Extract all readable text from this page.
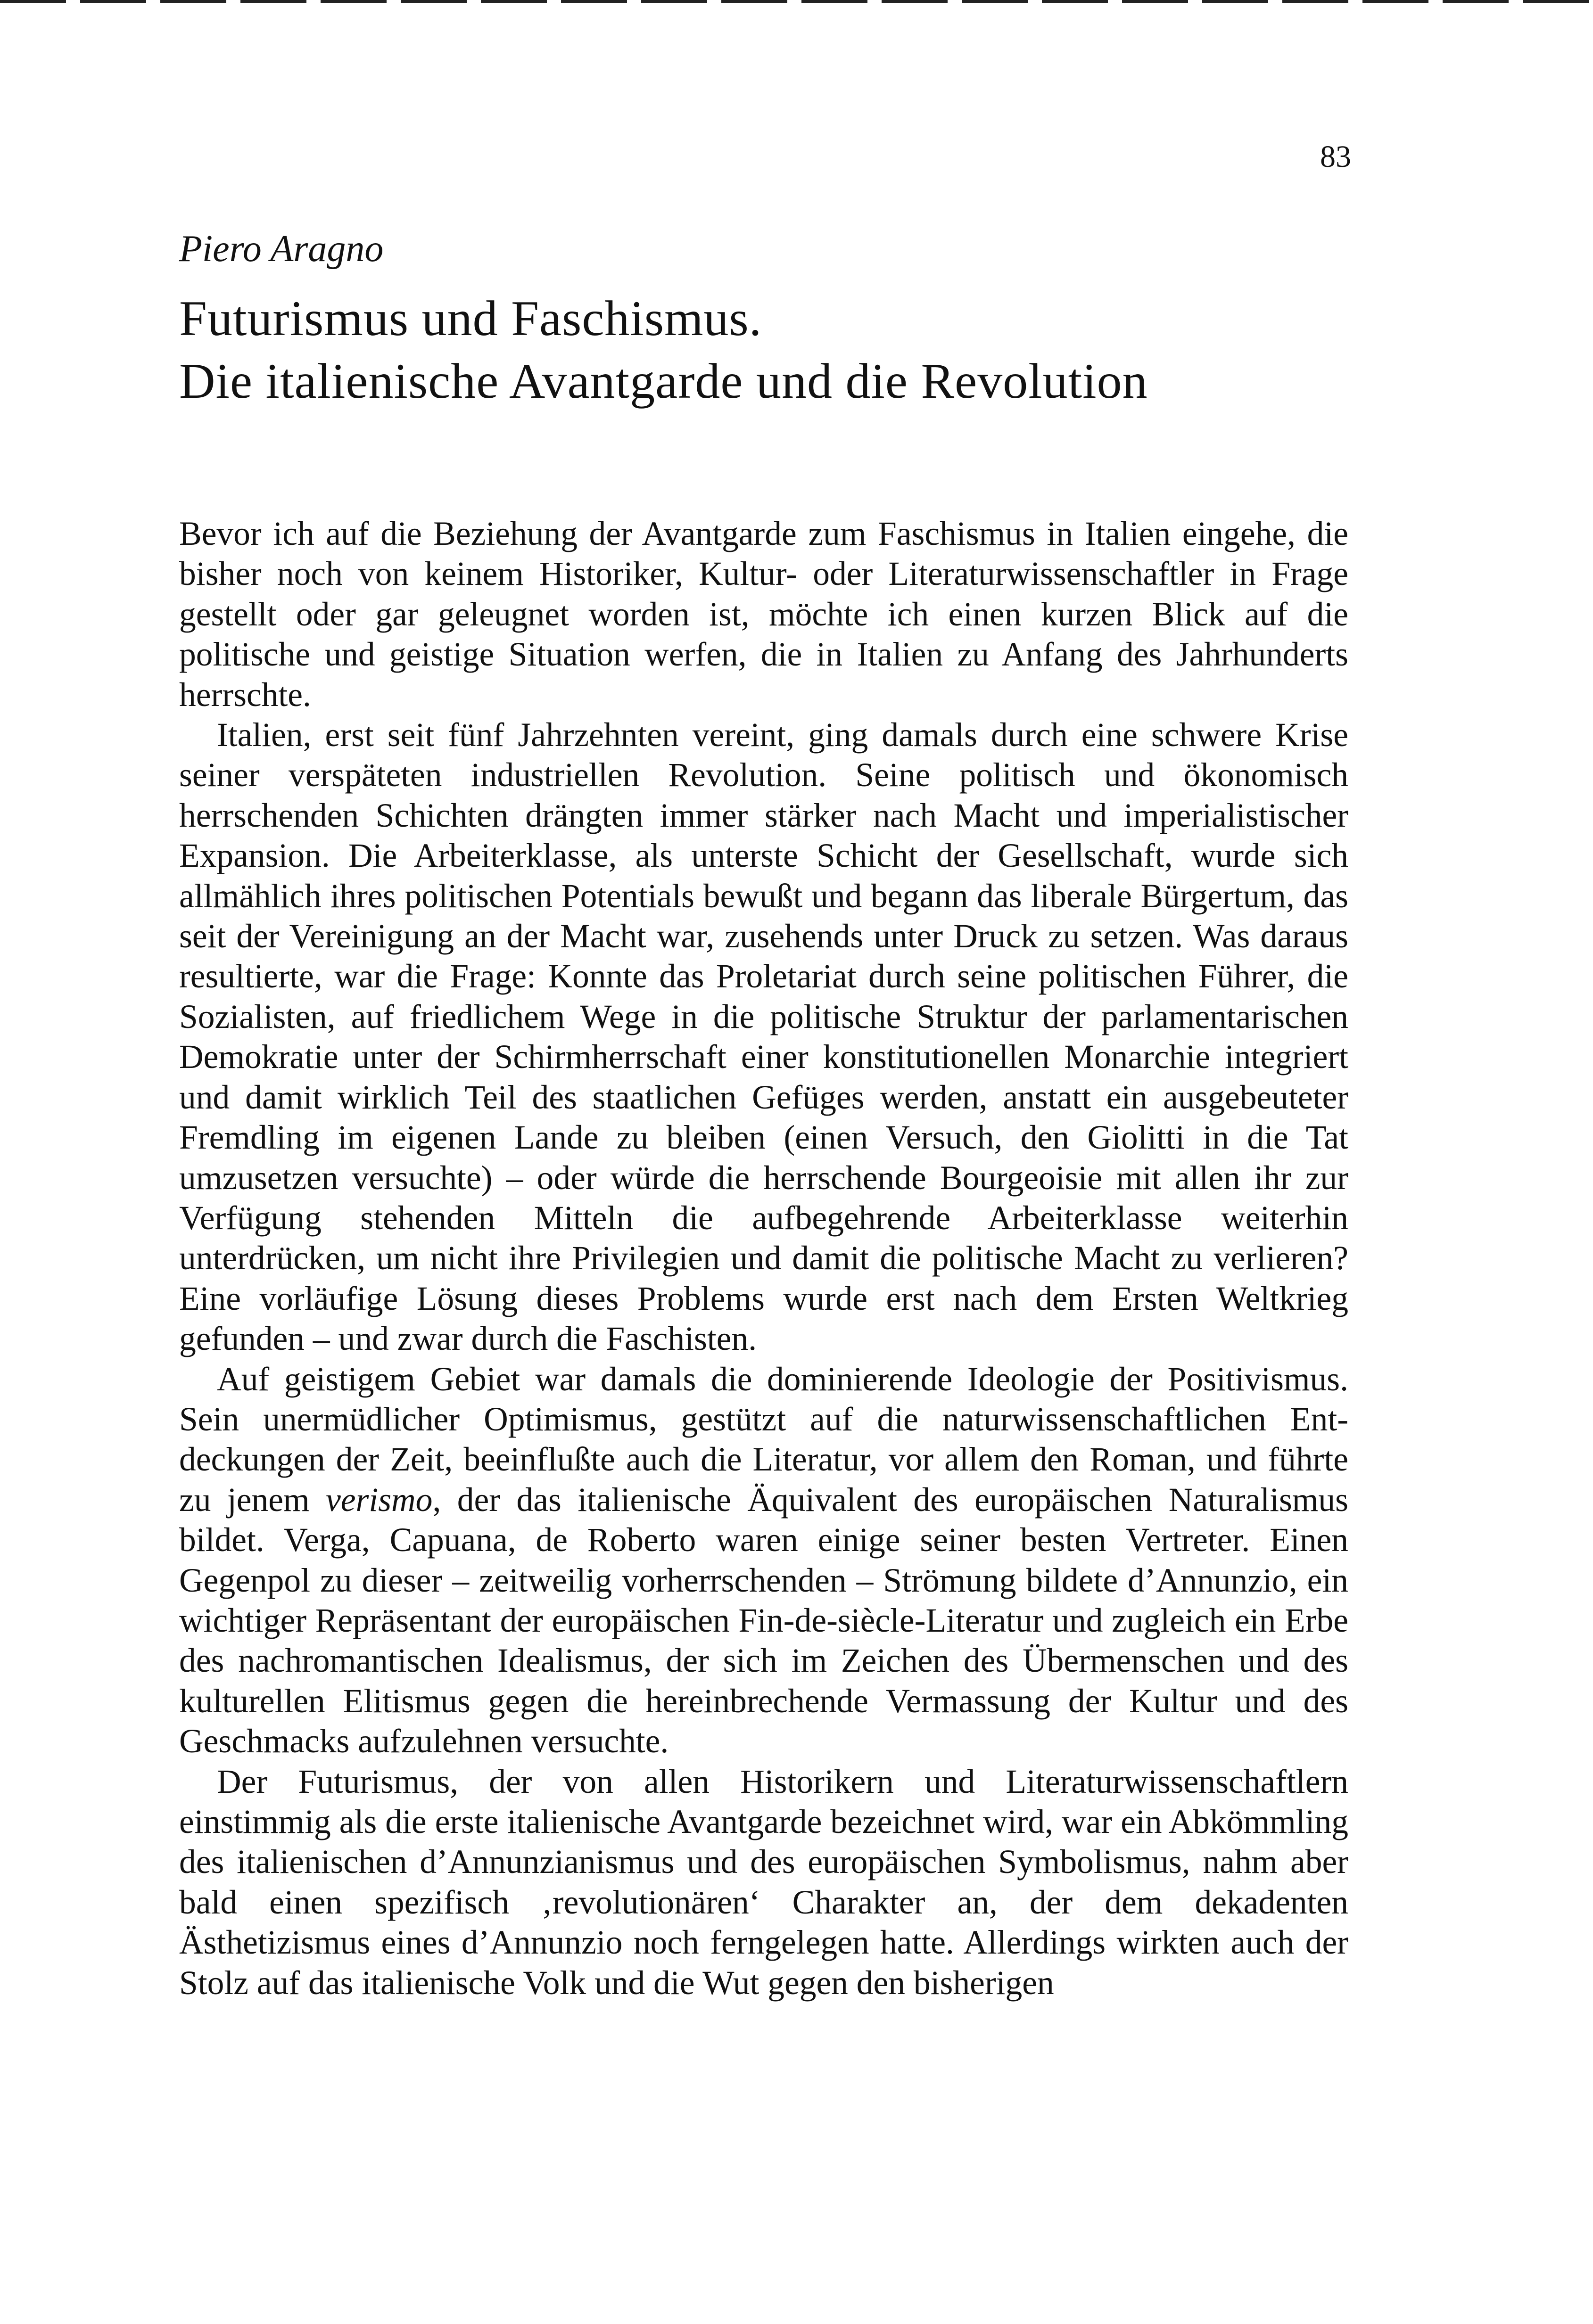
83
Piero Aragno
Futurismus und Faschismus.
Die italienische Avantgarde und die Revolution

Bevor ich auf die Beziehung der Avantgarde zum Faschismus in Italien eingehe, die bisher noch von keinem Historiker, Kultur- oder Literaturwissenschaftler in Frage gestellt oder gar geleugnet worden ist, möchte ich einen kurzen Blick auf die politische und geistige Situation werfen, die in Italien zu Anfang des Jahrhunderts herrschte.

Italien, erst seit fünf Jahrzehnten vereint, ging damals durch eine schwere Krise seiner verspäteten industriellen Revolution. Seine politisch und ökonomisch herrschenden Schichten drängten immer stärker nach Macht und imperialistischer Expansion. Die Arbeiterklasse, als unterste Schicht der Gesellschaft, wurde sich allmählich ihres politischen Potentials bewußt und begann das liberale Bürgertum, das seit der Vereinigung an der Macht war, zusehends unter Druck zu setzen. Was daraus resultierte, war die Frage: Konnte das Proletariat durch seine politischen Führer, die Sozialisten, auf friedlichem Wege in die politische Struktur der parlamentarischen Demokratie unter der Schirmherrschaft einer konstitutionellen Monarchie integriert und damit wirklich Teil des staatlichen Gefüges werden, anstatt ein ausgebeuteter Fremdling im eigenen Lande zu bleiben (einen Versuch, den Giolitti in die Tat umzusetzen versuchte) – oder würde die herrschende Bourgeoisie mit allen ihr zur Verfügung stehenden Mitteln die aufbegehrende Arbeiterklasse weiterhin unterdrücken, um nicht ihre Privilegien und damit die politische Macht zu verlieren? Eine vorläufige Lösung dieses Problems wurde erst nach dem Ersten Weltkrieg gefunden – und zwar durch die Faschisten.

Auf geistigem Gebiet war damals die dominierende Ideologie der Positivismus. Sein unermüdlicher Optimismus, gestützt auf die naturwissenschaftlichen Entdeckungen der Zeit, beeinflußte auch die Literatur, vor allem den Roman, und führte zu jenem verismo, der das italienische Äquivalent des europäischen Naturalismus bildet. Verga, Capuana, de Roberto waren einige seiner besten Vertreter. Einen Gegenpol zu dieser – zeitweilig vorherrschenden – Strömung bildete d’Annunzio, ein wichtiger Repräsentant der europäischen Fin-de-siècle-Literatur und zugleich ein Erbe des nachromantischen Idealismus, der sich im Zeichen des Übermenschen und des kulturellen Elitismus gegen die hereinbrechende Vermassung der Kultur und des Geschmacks aufzulehnen versuchte.

Der Futurismus, der von allen Historikern und Literaturwissenschaftlern einstimmig als die erste italienische Avantgarde bezeichnet wird, war ein Abkömmling des italienischen d’Annunzianismus und des europäischen Symbolismus, nahm aber bald einen spezifisch ‚revolutionären‘ Charakter an, der dem dekadenten Ästhetizismus eines d’Annunzio noch ferngelegen hatte. Allerdings wirkten auch der Stolz auf das italienische Volk und die Wut gegen den bisherigen
